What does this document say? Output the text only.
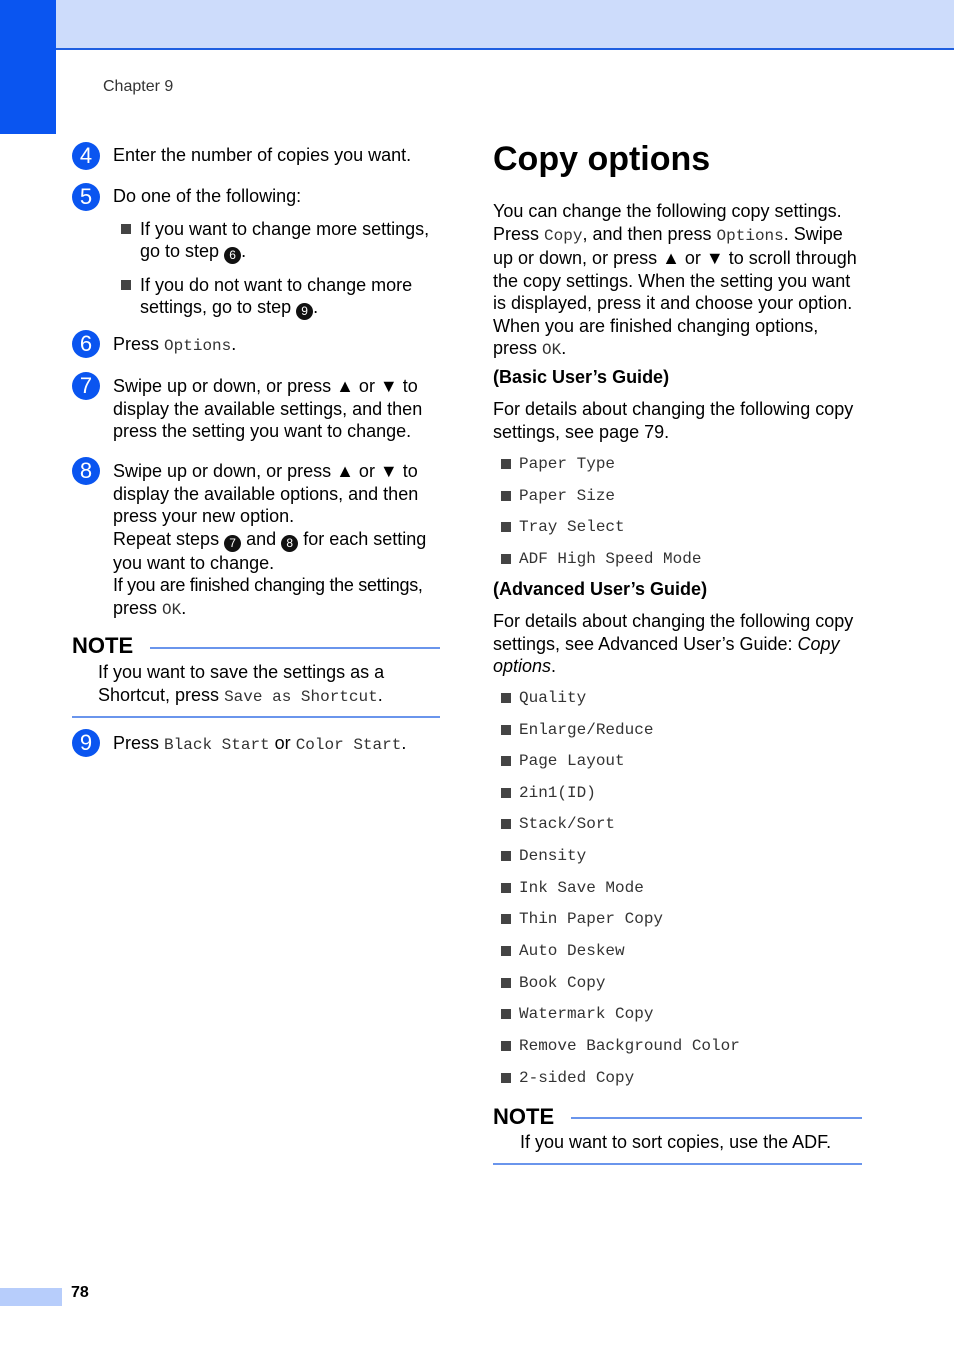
Chapter 9
78
4	Enter the number of copies you want.
5	Do one of the following:
If you want to change more settings,
go to step 6 .
If you do not want to change more
settings, go to step 9 .
6	Press Options.
7	Swipe up or down, or press ▲ or ▼ to
display the available settings, and then
press the setting you want to change.
8	Swipe up or down, or press ▲ or ▼ to
display the available options, and then
press your new option.
Repeat steps 7 and 8 for each setting
you want to change.
If you are finished changing the settings,
press OK.
NOTE
If you want to save the settings as a
Shortcut, press Save as Shortcut.
9	Press Black Start or Color Start.
Copy options
You can change the following copy settings.
Press Copy, and then press Options. Swipe
up or down, or press ▲ or ▼ to scroll through
the copy settings. When the setting you want
is displayed, press it and choose your option.
When you are finished changing options,
press OK.
(Basic User’s Guide)
For details about changing the following copy
settings, see page 79.
Paper Type
Paper Size
Tray Select
ADF High Speed Mode
(Advanced User’s Guide)
For details about changing the following copy
settings, see Advanced User’s Guide: Copy
options.
Quality
Enlarge/Reduce
Page Layout
2in1(ID)
Stack/Sort
Density
Ink Save Mode
Thin Paper Copy
Auto Deskew
Book Copy
Watermark Copy
Remove Background Color
2-sided Copy
NOTE
If you want to sort copies, use the ADF.
